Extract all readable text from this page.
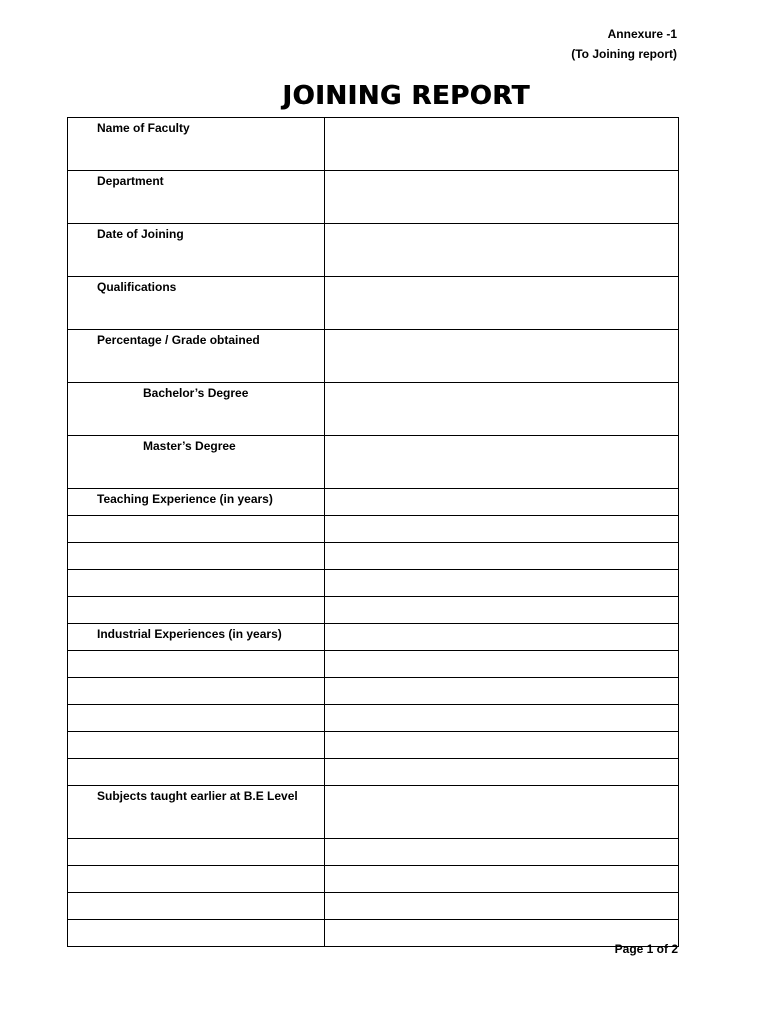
Annexure -1
(To Joining report)
JOINING REPORT
Name of Faculty	

Department	

Date of Joining	

Qualifications	

Percentage / Grade obtained	

Bachelor’s Degree	

Master’s Degree	

Teaching Experience (in years)	

Industrial Experiences (in years)	

Subjects taught earlier at B.E Level	

Page 1 of 2
